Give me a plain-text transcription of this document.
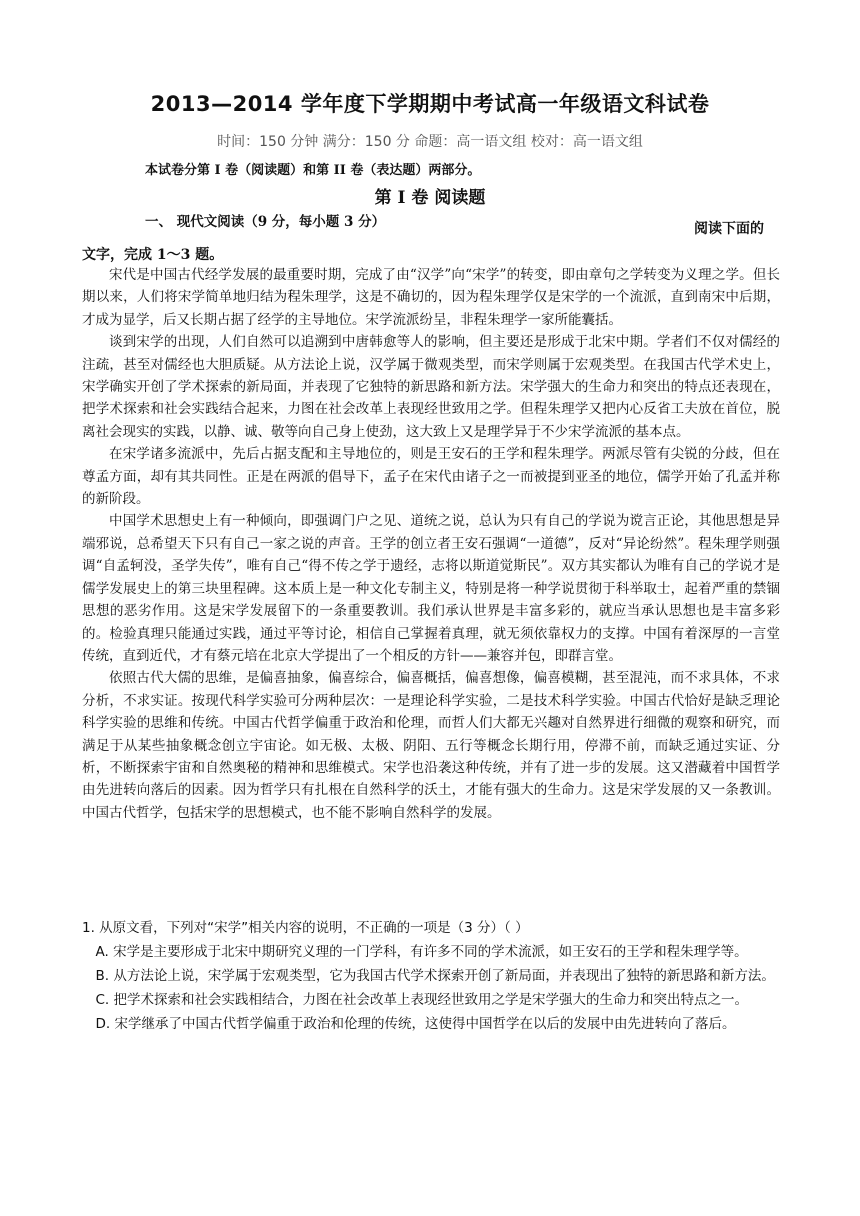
2013—2014 学年度下学期期中考试高一年级语文科试卷
时间：150 分钟 满分：150 分 命题：高一语文组 校对：高一语文组
本试卷分第 I 卷（阅读题）和第 II 卷（表达题）两部分。
第 I 卷 阅读题
一、 现代文阅读（9 分，每小题 3 分）	阅读下面的
文字，完成 1～3 题。

宋代是中国古代经学发展的最重要时期，完成了由“汉学”向“宋学”的转变，即由章句之学转变为义理之学。但长期以来，人们将宋学简单地归结为程朱理学，这是不确切的，因为程朱理学仅是宋学的一个流派，直到南宋中后期，才成为显学，后又长期占据了经学的主导地位。宋学流派纷呈，非程朱理学一家所能囊括。

谈到宋学的出现，人们自然可以追溯到中唐韩愈等人的影响，但主要还是形成于北宋中期。学者们不仅对儒经的注疏，甚至对儒经也大胆质疑。从方法论上说，汉学属于微观类型，而宋学则属于宏观类型。在我国古代学术史上，宋学确实开创了学术探索的新局面，并表现了它独特的新思路和新方法。宋学强大的生命力和突出的特点还表现在，把学术探索和社会实践结合起来，力图在社会改革上表现经世致用之学。但程朱理学又把内心反省工夫放在首位，脱离社会现实的实践，以静、诚、敬等向自己身上使劲，这大致上又是理学异于不少宋学流派的基本点。

在宋学诸多流派中，先后占据支配和主导地位的，则是王安石的王学和程朱理学。两派尽管有尖锐的分歧，但在尊孟方面，却有其共同性。正是在两派的倡导下，孟子在宋代由诸子之一而被提到亚圣的地位，儒学开始了孔孟并称的新阶段。

中国学术思想史上有一种倾向，即强调门户之见、道统之说，总认为只有自己的学说为谠言正论，其他思想是异端邪说，总希望天下只有自己一家之说的声音。王学的创立者王安石强调“一道德”，反对“异论纷然”。程朱理学则强调“自孟轲没，圣学失传”，唯有自己“得不传之学于遗经，志将以斯道觉斯民”。双方其实都认为唯有自己的学说才是儒学发展史上的第三块里程碑。这本质上是一种文化专制主义，特别是将一种学说贯彻于科举取士，起着严重的禁锢思想的恶劣作用。这是宋学发展留下的一条重要教训。我们承认世界是丰富多彩的，就应当承认思想也是丰富多彩的。检验真理只能通过实践，通过平等讨论，相信自己掌握着真理，就无须依靠权力的支撑。中国有着深厚的一言堂传统，直到近代，才有蔡元培在北京大学提出了一个相反的方针——兼容并包，即群言堂。

依照古代大儒的思维，是偏喜抽象，偏喜综合，偏喜概括，偏喜想像，偏喜模糊，甚至混沌，而不求具体，不求分析，不求实证。按现代科学实验可分两种层次：一是理论科学实验，二是技术科学实验。中国古代恰好是缺乏理论科学实验的思维和传统。中国古代哲学偏重于政治和伦理，而哲人们大都无兴趣对自然界进行细微的观察和研究，而满足于从某些抽象概念创立宇宙论。如无极、太极、阴阳、五行等概念长期行用，停滞不前，而缺乏通过实证、分析，不断探索宇宙和自然奥秘的精神和思维模式。宋学也沿袭这种传统，并有了进一步的发展。这又潜藏着中国哲学由先进转向落后的因素。因为哲学只有扎根在自然科学的沃土，才能有强大的生命力。这是宋学发展的又一条教训。中国古代哲学，包括宋学的思想模式，也不能不影响自然科学的发展。

1. 从原文看，下列对“宋学”相关内容的说明，不正确的一项是（3 分）（ ）
A. 宋学是主要形成于北宋中期研究义理的一门学科，有许多不同的学术流派，如王安石的王学和程朱理学等。
B. 从方法论上说，宋学属于宏观类型，它为我国古代学术探索开创了新局面，并表现出了独特的新思路和新方法。
C. 把学术探索和社会实践相结合，力图在社会改革上表现经世致用之学是宋学强大的生命力和突出特点之一。
D. 宋学继承了中国古代哲学偏重于政治和伦理的传统，这使得中国哲学在以后的发展中由先进转向了落后。
